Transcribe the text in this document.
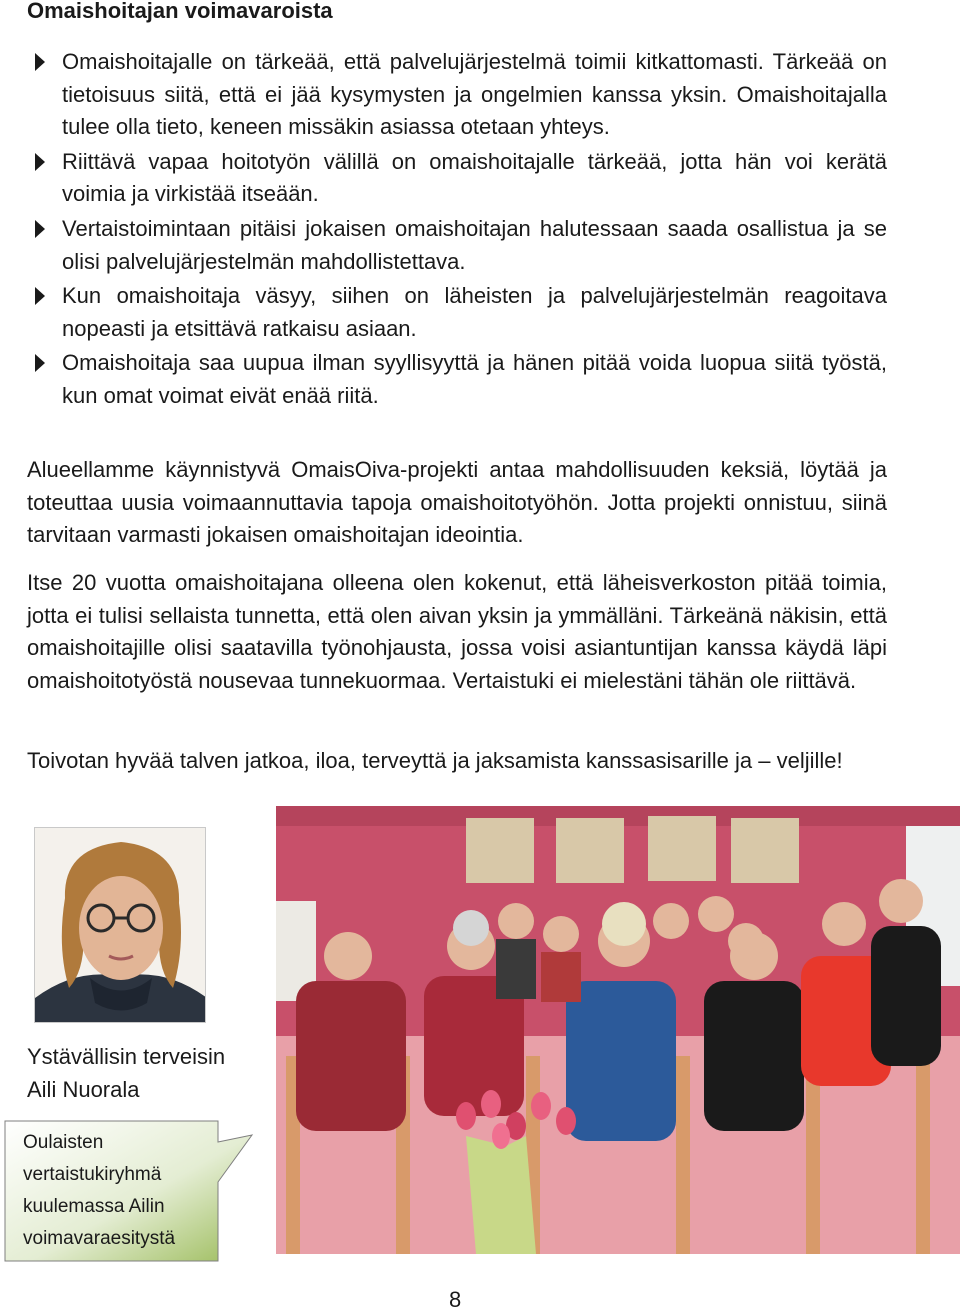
Omaishoitajan voimavaroista

Omaishoitajalle on tärkeää, että palvelujärjestelmä toimii kitkattomasti. Tärkeää on tietoisuus siitä, että ei jää kysymysten ja ongelmien kanssa yksin. Omaishoitajalla tulee olla tieto, keneen missäkin asiassa otetaan yhteys.

Riittävä vapaa hoitotyön välillä on omaishoitajalle tärkeää, jotta hän voi kerätä voimia ja virkistää itseään.

Vertaistoimintaan pitäisi jokaisen omaishoitajan halutessaan saada osallistua ja se olisi palvelujärjestelmän mahdollistettava.

Kun omaishoitaja väsyy, siihen on läheisten ja palvelujärjestelmän reagoitava nopeasti ja etsittävä ratkaisu asiaan.

Omaishoitaja saa uupua ilman syyllisyyttä ja hänen pitää voida luopua siitä työstä, kun omat voimat eivät enää riitä.

Alueellamme käynnistyvä OmaisOiva-projekti antaa mahdollisuuden keksiä, löytää ja toteuttaa uusia voimaannuttavia tapoja omaishoitotyöhön. Jotta projekti onnistuu, siinä tarvitaan varmasti jokaisen omaishoitajan ideointia.

Itse 20 vuotta omaishoitajana olleena olen kokenut, että läheisverkoston pitää toimia, jotta ei tulisi sellaista tunnetta, että olen aivan yksin ja ymmälläni. Tärkeänä näkisin, että omaishoitajille olisi saatavilla työnohjausta, jossa voisi asiantuntijan kanssa käydä läpi omaishoitotyöstä nousevaa tunnekuormaa. Vertaistuki ei mielestäni tähän ole riittävä.

Toivotan hyvää talven jatkoa, iloa, terveyttä ja jaksamista kanssasisarille ja – veljille!

Ystävällisin terveisin
Aili Nuorala
Oulaisten
vertaistukiryhmä
kuulemassa Ailin
voimavaraesitystä

8
